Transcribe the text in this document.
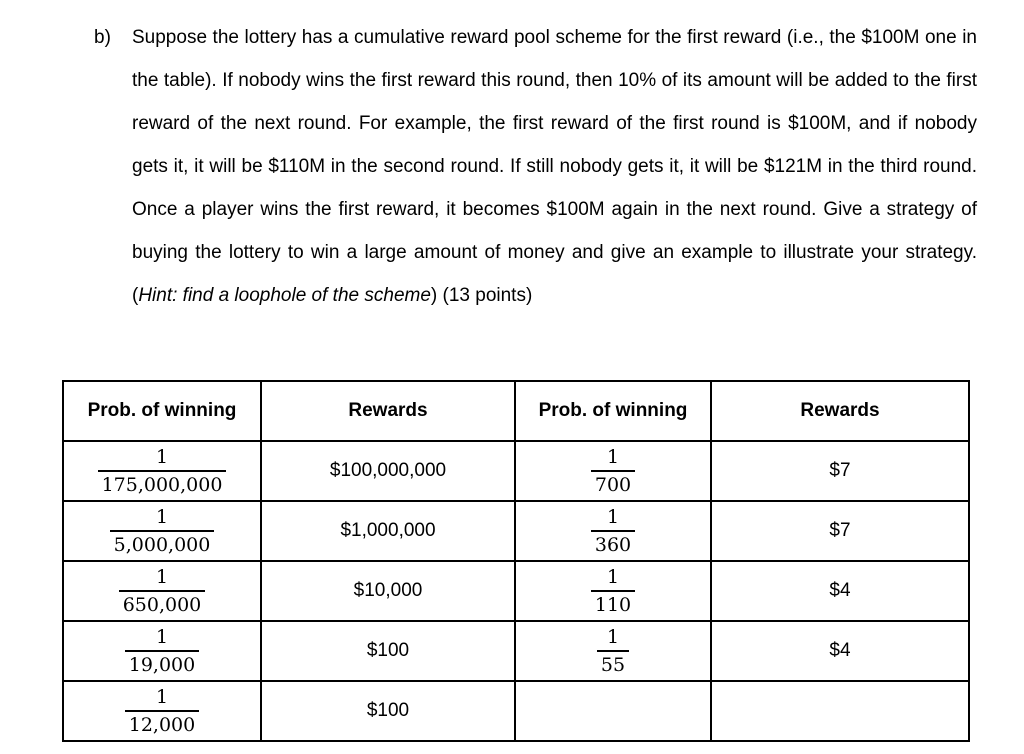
b) Suppose the lottery has a cumulative reward pool scheme for the first reward (i.e., the $100M one in the table). If nobody wins the first reward this round, then 10% of its amount will be added to the first reward of the next round. For example, the first reward of the first round is $100M, and if nobody gets it, it will be $110M in the second round. If still nobody gets it, it will be $121M in the third round. Once a player wins the first reward, it becomes $100M again in the next round. Give a strategy of buying the lottery to win a large amount of money and give an example to illustrate your strategy. (Hint: find a loophole of the scheme) (13 points)
Prob. of winning	Rewards	Prob. of winning	Rewards

$\frac{1}{175,000,000}$	$100,000,000	$\frac{1}{700}$	$7

$\frac{1}{5,000,000}$	$1,000,000	$\frac{1}{360}$	$7

$\frac{1}{650,000}$	$10,000	$\frac{1}{110}$	$4

$\frac{1}{19,000}$	$100	$\frac{1}{55}$	$4

$\frac{1}{12,000}$	$100		
